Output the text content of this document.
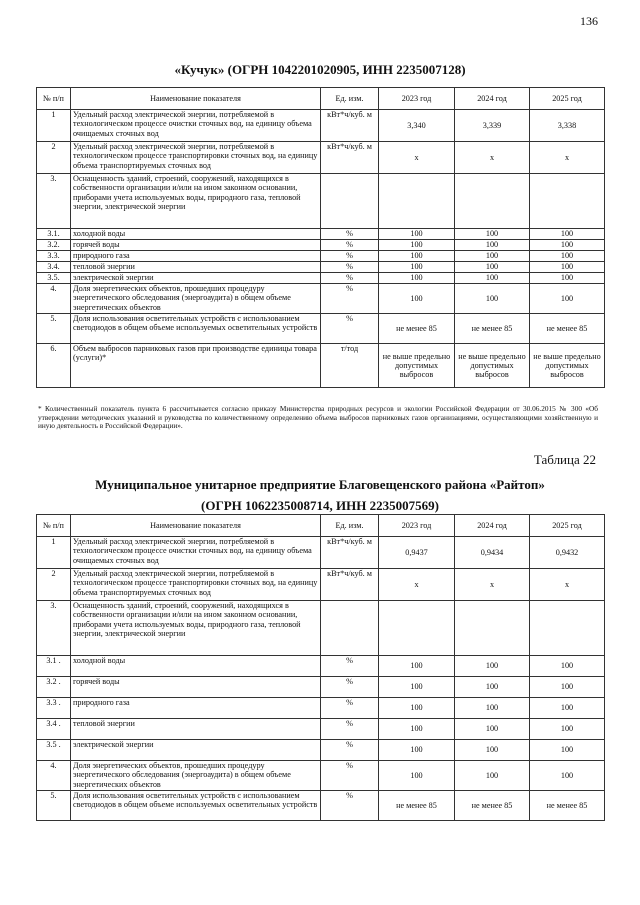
136
«Кучук» (ОГРН 1042201020905, ИНН 2235007128)
№ п/п	Наименование показателя	Ед. изм.	2023 год	2024 год	2025 год
1	Удельный расход электрической энергии, потребляемой в технологическом процессе очистки сточных вод, на единицу объема очищаемых сточных вод	кВт*ч/куб. м	3,340	3,339	3,338
2	Удельный расход электрической энергии, потребляемой в технологическом процессе транспортировки сточных вод, на единицу объема транспортируемых сточных вод	кВт*ч/куб. м	х	х	х
3.	Оснащенность зданий, строений, сооружений, находящихся в собственности организации и/или на ином законном основании, приборами учета используемых воды, природного газа, тепловой энергии, электрической энергии				
3.1.	холодной воды	%	100	100	100
3.2.	горячей воды	%	100	100	100
3.3.	природного газа	%	100	100	100
3.4.	тепловой энергии	%	100	100	100
3.5.	электрической энергии	%	100	100	100
4.	Доля энергетических объектов, прошедших процедуру энергетического обследования (энергоаудита) в общем объеме энергетических объектов	%	100	100	100
5.	Доля использования осветительных устройств с использованием светодиодов в общем объеме используемых осветительных устройств	%	не менее 85	не менее 85	не менее 85
6.	Объем выбросов парниковых газов при производстве единицы товара (услуги)*	т/тод	не выше предельно допустимых выбросов	не выше предельно допустимых выбросов	не выше предельно допустимых выбросов
* Количественный показатель пункта 6 рассчитывается согласно приказу Министерства природных ресурсов и экологии Российской Федерации от 30.06.2015 № 300 «Об утверждении методических указаний и руководства по количественному определению объема выбросов парниковых газов организациями, осуществляющими хозяйственную и иную деятельность в Российской Федерации».
Таблица 22
Муниципальное унитарное предприятие Благовещенского района «Райтоп»
(ОГРН 1062235008714, ИНН 2235007569)
№ п/п	Наименование показателя	Ед. изм.	2023 год	2024 год	2025 год
1	Удельный расход электрической энергии, потребляемой в технологическом процессе очистки сточных вод, на единицу объема очищаемых сточных вод	кВт*ч/куб. м	0,9437	0,9434	0,9432
2	Удельный расход электрической энергии, потребляемой в технологическом процессе транспортировки сточных вод, на единицу объема транспортируемых сточных вод	кВт*ч/куб. м	х	х	х
3.	Оснащенность зданий, строений, сооружений, находящихся в собственности организации и/или на ином законном основании, приборами учета используемых воды, природного газа, тепловой энергии, электрической энергии				
3.1 .	холодной воды	%	100	100	100
3.2 .	горячей воды	%	100	100	100
3.3 .	природного газа	%	100	100	100
3.4 .	тепловой энергии	%	100	100	100
3.5 .	электрической энергии	%	100	100	100
4.	Доля энергетических объектов, прошедших процедуру энергетического обследования (энергоаудита) в общем объеме энергетических объектов	%	100	100	100
5.	Доля использования осветительных устройств с использованием светодиодов в общем объеме используемых осветительных устройств	%	не менее 85	не менее 85	не менее 85
